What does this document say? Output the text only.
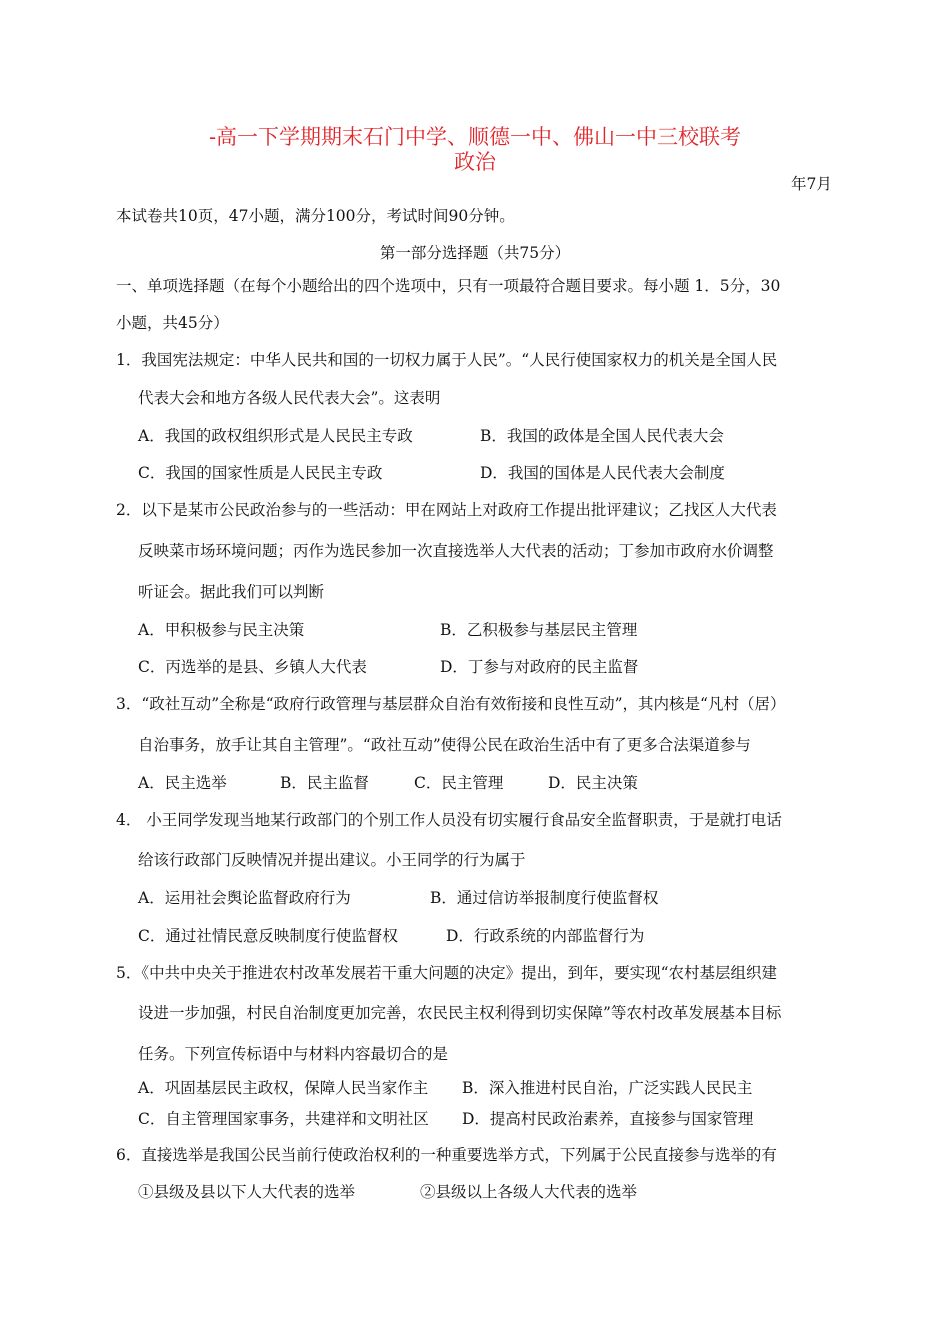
-高一下学期期末石门中学、顺德一中、佛山一中三校联考
政治
年7月
本试卷共10页，47小题，满分100分，考试时间90分钟。
第一部分选择题（共75分）
一、单项选择题（在每个小题给出的四个选项中，只有一项最符合题目要求。每小题 1．5分，30
小题，共45分）
1．我国宪法规定：中华人民共和国的一切权力属于人民”。“人民行使国家权力的机关是全国人民
代表大会和地方各级人民代表大会”。这表明
A．我国的政权组织形式是人民民主专政	B．我国的政体是全国人民代表大会
C．我国的国家性质是人民民主专政	D．我国的国体是人民代表大会制度
2．以下是某市公民政治参与的一些活动：甲在网站上对政府工作提出批评建议；乙找区人大代表
反映菜市场环境问题；丙作为选民参加一次直接选举人大代表的活动；丁参加市政府水价调整
听证会。据此我们可以判断
A．甲积极参与民主决策	B．乙积极参与基层民主管理
C．丙选举的是县、乡镇人大代表	D．丁参与对政府的民主监督
3．“政社互动”全称是“政府行政管理与基层群众自治有效衔接和良性互动”，其内核是“凡村（居）
自治事务，放手让其自主管理”。“政社互动”使得公民在政治生活中有了更多合法渠道参与
A．民主选举	B．民主监督	C．民主管理	D．民主决策
4． 小王同学发现当地某行政部门的个别工作人员没有切实履行食品安全监督职责，于是就打电话
给该行政部门反映情况并提出建议。小王同学的行为属于
A．运用社会舆论监督政府行为	B．通过信访举报制度行使监督权
C．通过社情民意反映制度行使监督权	D．行政系统的内部监督行为
5．《中共中央关于推进农村改革发展若干重大问题的决定》提出，到年，要实现“农村基层组织建
设进一步加强，村民自治制度更加完善，农民民主权利得到切实保障”等农村改革发展基本目标
任务。下列宣传标语中与材料内容最切合的是
A．巩固基层民主政权，保障人民当家作主 B．深入推进村民自治，广泛实践人民民主
C．自主管理国家事务，共建祥和文明社区 D．提高村民政治素养，直接参与国家管理
6．直接选举是我国公民当前行使政治权利的一种重要选举方式，下列属于公民直接参与选举的有
①县级及县以下人大代表的选举	②县级以上各级人大代表的选举
